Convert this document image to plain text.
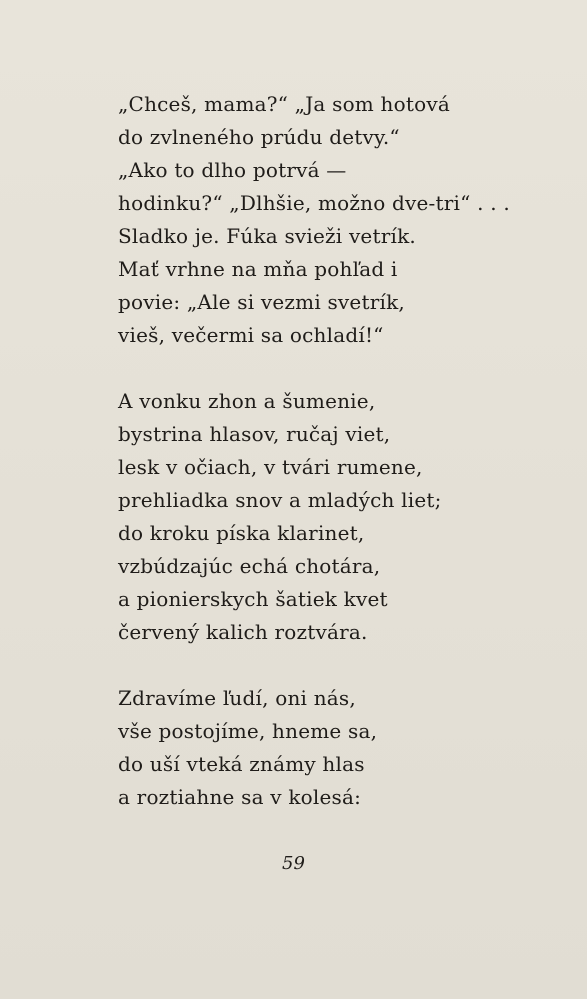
„Chceš, mama?“ „Ja som hotová
do zvlneného prúdu detvy.“
„Ako to dlho potrvá —
hodinku?“ „Dlhšie, možno dve-tri“ . . .
Sladko je. Fúka svieži vetrík.
Mať vrhne na mňa pohľad i
povie: „Ale si vezmi svetrík,
vieš, večermi sa ochladí!“
A vonku zhon a šumenie,
bystrina hlasov, ručaj viet,
lesk v očiach, v tvári rumene,
prehliadka snov a mladých liet;
do kroku píska klarinet,
vzbúdzajúc echá chotára,
a pionierskych šatiek kvet
červený kalich roztvára.
Zdravíme ľudí, oni nás,
vše postojíme, hneme sa,
do uší vteká známy hlas
a roztiahne sa v kolesá:
59
